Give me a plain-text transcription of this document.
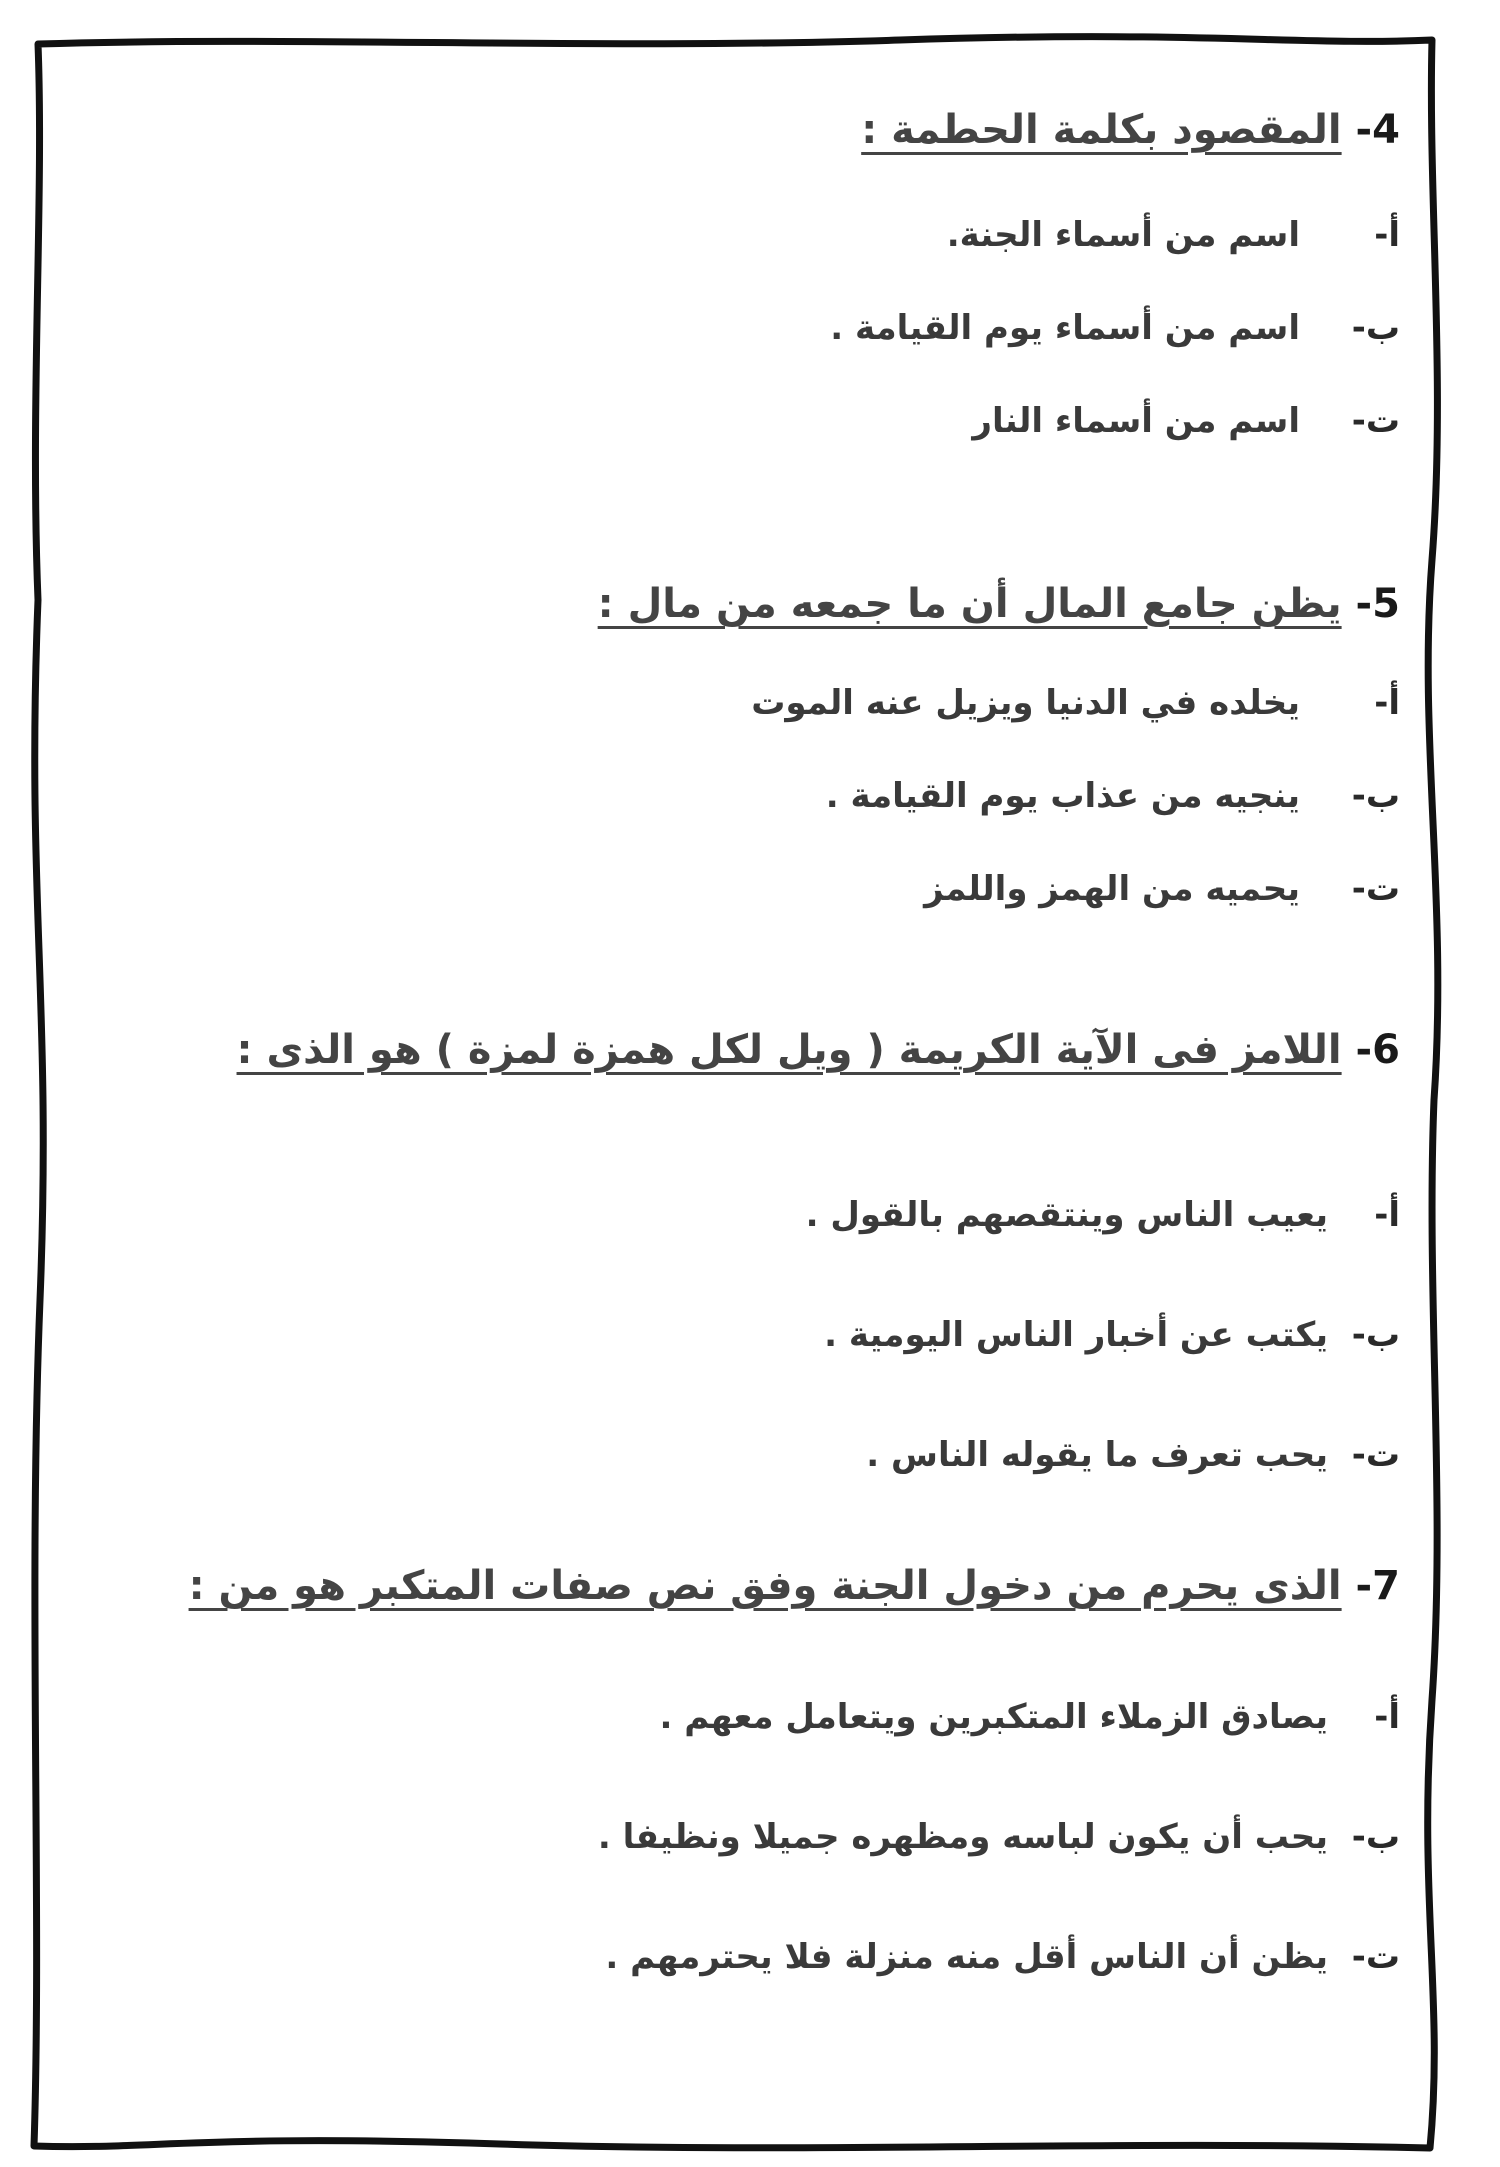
4- المقصود بكلمة الحطمة :
أ-اسم من أسماء الجنة.
ب-اسم من أسماء يوم القيامة .
ت-اسم من أسماء النار
5- يظن جامع المال أن ما جمعه من مال :
أ-يخلده في الدنيا ويزيل عنه الموت
ب-ينجيه من عذاب يوم القيامة .
ت-يحميه من الهمز واللمز
6- اللامز فى الآية الكريمة ( ويل لكل همزة لمزة ) هو الذى :
أ-يعيب الناس وينتقصهم بالقول .
ب-يكتب عن أخبار الناس اليومية .
ت-يحب تعرف ما يقوله الناس .
7- الذى يحرم من دخول الجنة وفق نص صفات المتكبر هو من :
أ-يصادق الزملاء المتكبرين ويتعامل معهم .
ب-يحب أن يكون لباسه ومظهره جميلا ونظيفا .
ت-يظن أن الناس أقل منه منزلة فلا يحترمهم .
